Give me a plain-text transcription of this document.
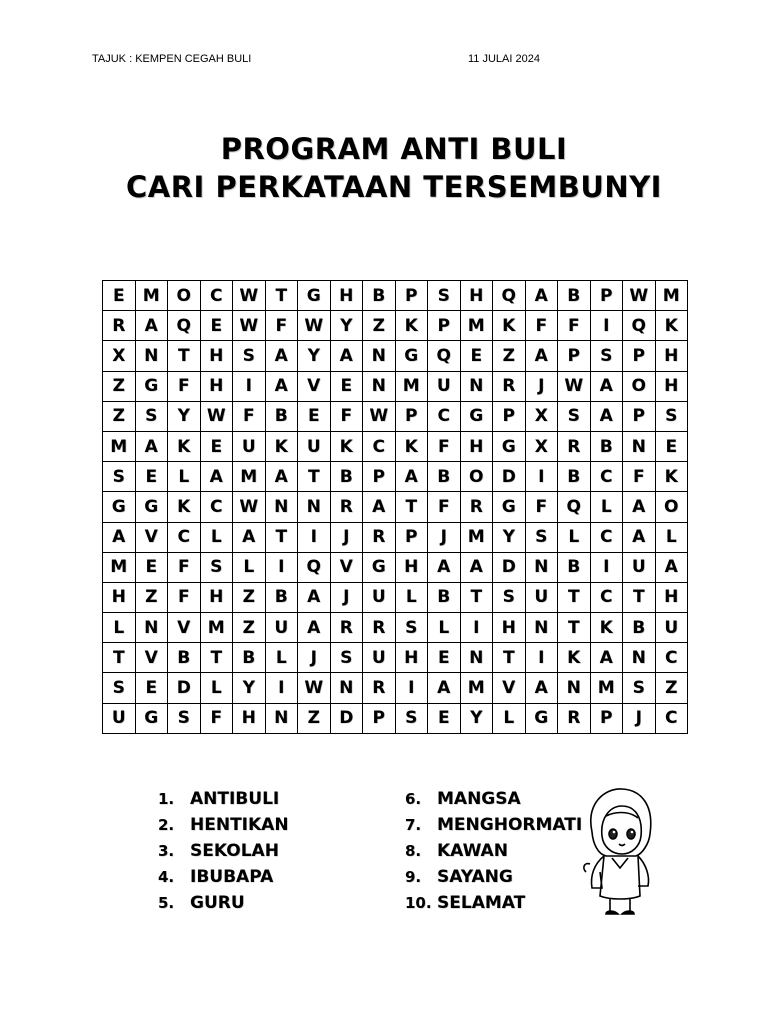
TAJUK : KEMPEN CEGAH BULI	11 JULAI 2024
PROGRAM ANTI BULI
CARI PERKATAAN TERSEMBUNYI
E	M	O	C	W	T	G	H	B	P	S	H	Q	A	B	P	W	M
R	A	Q	E	W	F	W	Y	Z	K	P	M	K	F	F	I	Q	K
X	N	T	H	S	A	Y	A	N	G	Q	E	Z	A	P	S	P	H
Z	G	F	H	I	A	V	E	N	M	U	N	R	J	W	A	O	H
Z	S	Y	W	F	B	E	F	W	P	C	G	P	X	S	A	P	S
M	A	K	E	U	K	U	K	C	K	F	H	G	X	R	B	N	E
S	E	L	A	M	A	T	B	P	A	B	O	D	I	B	C	F	K
G	G	K	C	W	N	N	R	A	T	F	R	G	F	Q	L	A	O
A	V	C	L	A	T	I	J	R	P	J	M	Y	S	L	C	A	L
M	E	F	S	L	I	Q	V	G	H	A	A	D	N	B	I	U	A
H	Z	F	H	Z	B	A	J	U	L	B	T	S	U	T	C	T	H
L	N	V	M	Z	U	A	R	R	S	L	I	H	N	T	K	B	U
T	V	B	T	B	L	J	S	U	H	E	N	T	I	K	A	N	C
S	E	D	L	Y	I	W	N	R	I	A	M	V	A	N	M	S	Z
U	G	S	F	H	N	Z	D	P	S	E	Y	L	G	R	P	J	C
1. ANTIBULI
2. HENTIKAN
3. SEKOLAH
4. IBUBAPA
5. GURU
6. MANGSA
7. MENGHORMATI
8. KAWAN
9. SAYANG
10. SELAMAT
